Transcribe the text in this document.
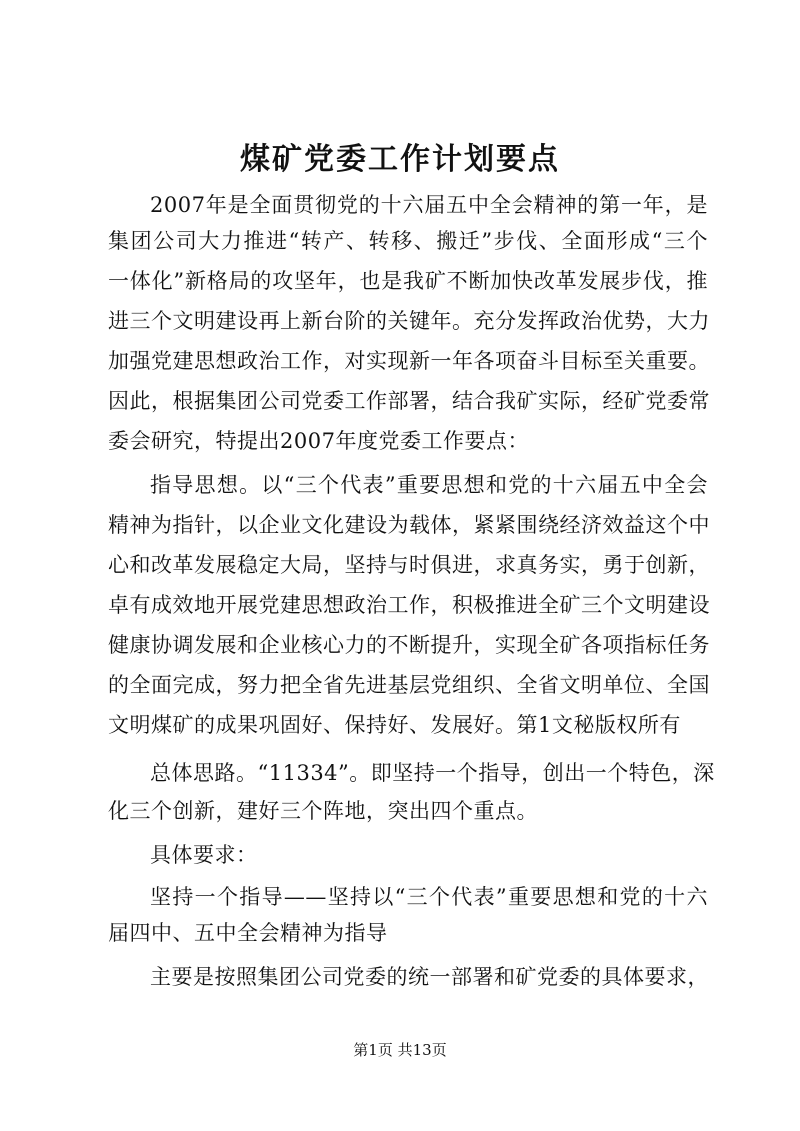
煤矿党委工作计划要点
2007年是全面贯彻党的十六届五中全会精神的第一年，是
集团公司大力推进“转产、转移、搬迁”步伐、全面形成“三个
一体化”新格局的攻坚年，也是我矿不断加快改革发展步伐，推
进三个文明建设再上新台阶的关键年。充分发挥政治优势，大力
加强党建思想政治工作，对实现新一年各项奋斗目标至关重要。
因此，根据集团公司党委工作部署，结合我矿实际，经矿党委常
委会研究，特提出2007年度党委工作要点：
指导思想。以“三个代表”重要思想和党的十六届五中全会
精神为指针，以企业文化建设为载体，紧紧围绕经济效益这个中
心和改革发展稳定大局，坚持与时俱进，求真务实，勇于创新，
卓有成效地开展党建思想政治工作，积极推进全矿三个文明建设
健康协调发展和企业核心力的不断提升，实现全矿各项指标任务
的全面完成，努力把全省先进基层党组织、全省文明单位、全国
文明煤矿的成果巩固好、保持好、发展好。第1文秘版权所有
总体思路。“11334”。即坚持一个指导，创出一个特色，深
化三个创新，建好三个阵地，突出四个重点。
具体要求：
坚持一个指导——坚持以“三个代表”重要思想和党的十六
届四中、五中全会精神为指导
主要是按照集团公司党委的统一部署和矿党委的具体要求，
第1页 共13页
